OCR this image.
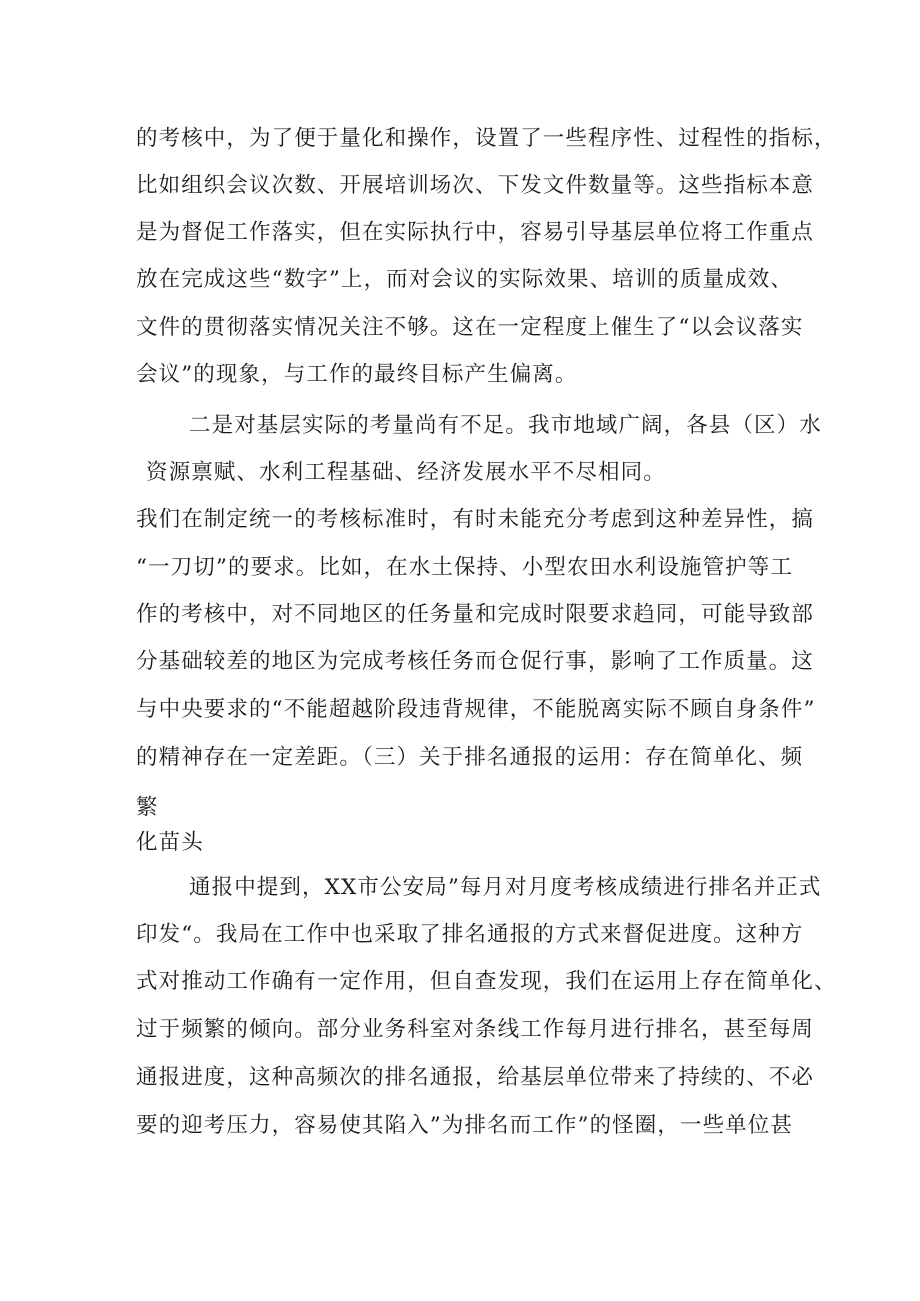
的考核中，为了便于量化和操作，设置了一些程序性、过程性的指标，
比如组织会议次数、开展培训场次、下发文件数量等。这些指标本意
是为督促工作落实，但在实际执行中，容易引导基层单位将工作重点
放在完成这些“数字”上，而对会议的实际效果、培训的质量成效、
文件的贯彻落实情况关注不够。这在一定程度上催生了“以会议落实
会议”的现象，与工作的最终目标产生偏离。
二是对基层实际的考量尚有不足。我市地域广阔，各县（区）水
资源禀赋、水利工程基础、经济发展水平不尽相同。
我们在制定统一的考核标准时，有时未能充分考虑到这种差异性，搞
“一刀切”的要求。比如，在水土保持、小型农田水利设施管护等工
作的考核中，对不同地区的任务量和完成时限要求趋同，可能导致部
分基础较差的地区为完成考核任务而仓促行事，影响了工作质量。这
与中央要求的“不能超越阶段违背规律，不能脱离实际不顾自身条件”
的精神存在一定差距。（三）关于排名通报的运用：存在简单化、频
繁
化苗头
通报中提到，XX市公安局”每月对月度考核成绩进行排名并正式
印发“。我局在工作中也采取了排名通报的方式来督促进度。这种方
式对推动工作确有一定作用，但自查发现，我们在运用上存在简单化、
过于频繁的倾向。部分业务科室对条线工作每月进行排名，甚至每周
通报进度，这种高频次的排名通报，给基层单位带来了持续的、不必
要的迎考压力，容易使其陷入”为排名而工作”的怪圈，一些单位甚
